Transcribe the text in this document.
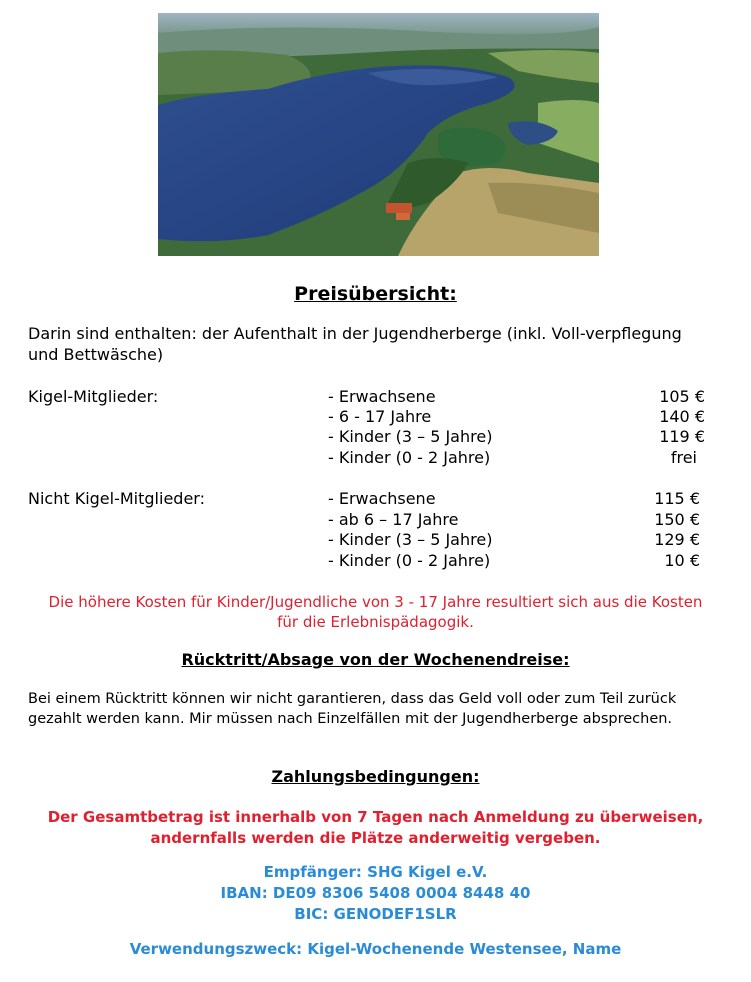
Preisübersicht:
Darin sind enthalten: der Aufenthalt in der Jugendherberge (inkl. Voll-verpflegung und Bettwäsche)
Kigel-Mitglieder:	- Erwachsene	105 €
- 6 - 17 Jahre	140 €
- Kinder (3 – 5 Jahre)	119 €
- Kinder (0 - 2 Jahre)	frei
Nicht Kigel-Mitglieder:	- Erwachsene	115 €
- ab 6 – 17 Jahre	150 €
- Kinder (3 – 5 Jahre)	129 €
- Kinder (0 - 2 Jahre)	10 €
Die höhere Kosten für Kinder/Jugendliche von 3 - 17 Jahre resultiert sich aus die Kosten für die Erlebnispädagogik.
Rücktritt/Absage von der Wochenendreise:
Bei einem Rücktritt können wir nicht garantieren, dass das Geld voll oder zum Teil zurück gezahlt werden kann. Mir müssen nach Einzelfällen mit der Jugendherberge absprechen.
Zahlungsbedingungen:
Der Gesamtbetrag ist innerhalb von 7 Tagen nach Anmeldung zu überweisen, andernfalls werden die Plätze anderweitig vergeben.
Empfänger: SHG Kigel e.V.
IBAN: DE09 8306 5408 0004 8448 40
BIC: GENODEF1SLR
Verwendungszweck: Kigel-Wochenende Westensee, Name
